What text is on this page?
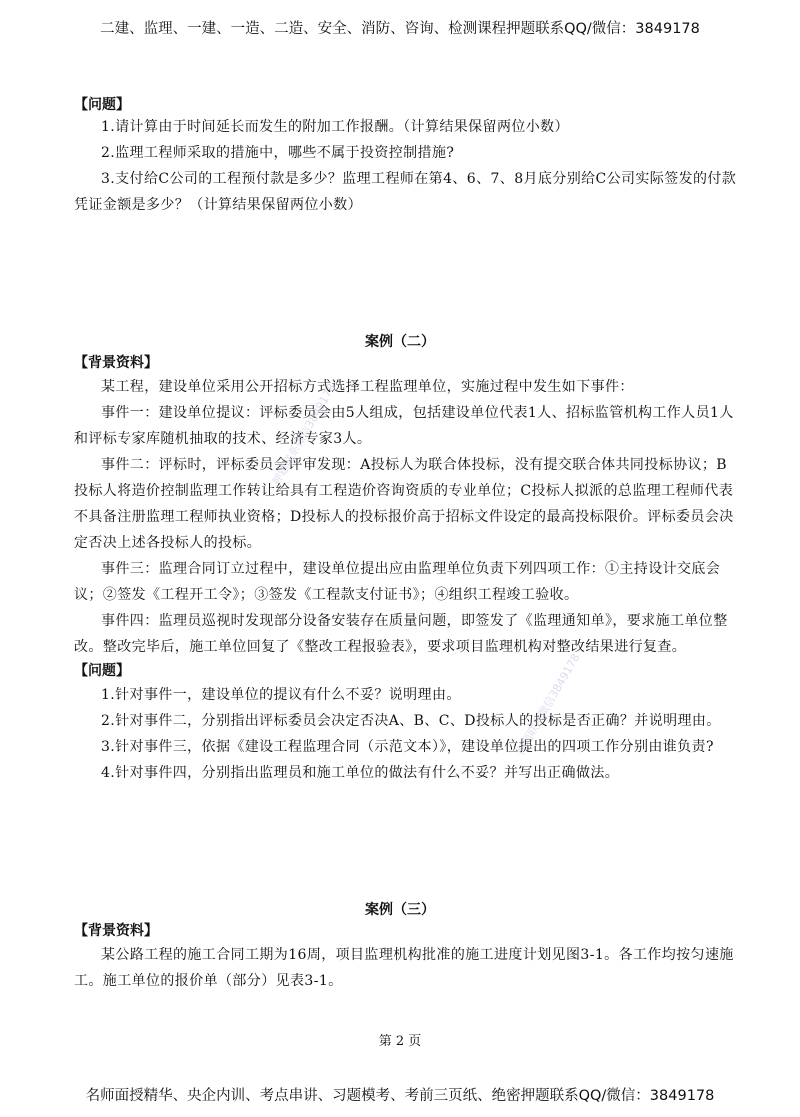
二建、监理、一建、一造、二造、安全、消防、咨询、检测课程押题联系QQ/微信：3849178
【问题】
1.请计算由于时间延长而发生的附加工作报酬。（计算结果保留两位小数）
2.监理工程师采取的措施中，哪些不属于投资控制措施?
3.支付给C公司的工程预付款是多少？监理工程师在第4、6、7、8月底分别给C公司实际签发的付款凭证金额是多少？（计算结果保留两位小数）
案例（二）
【背景资料】
某工程，建设单位采用公开招标方式选择工程监理单位，实施过程中发生如下事件：
事件一：建设单位提议：评标委员会由5人组成，包括建设单位代表1人、招标监管机构工作人员1人和评标专家库随机抽取的技术、经济专家3人。
事件二：评标时，评标委员会评审发现：A投标人为联合体投标，没有提交联合体共同投标协议；B投标人将造价控制监理工作转让给具有工程造价咨询资质的专业单位；C投标人拟派的总监理工程师代表不具备注册监理工程师执业资格；D投标人的投标报价高于招标文件设定的最高投标限价。评标委员会决定否决上述各投标人的投标。
事件三：监理合同订立过程中，建设单位提出应由监理单位负责下列四项工作：①主持设计交底会议；②签发《工程开工令》；③签发《工程款支付证书》；④组织工程竣工验收。
事件四：监理员巡视时发现部分设备安装存在质量问题，即签发了《监理通知单》，要求施工单位整改。整改完毕后，施工单位回复了《整改工程报验表》，要求项目监理机构对整改结果进行复查。
【问题】
1.针对事件一，建设单位的提议有什么不妥？说明理由。
2.针对事件二，分别指出评标委员会决定否决A、B、C、D投标人的投标是否正确？并说明理由。
3.针对事件三，依据《建设工程监理合同（示范文本）》，建设单位提出的四项工作分别由谁负责?
4.针对事件四，分别指出监理员和施工单位的做法有什么不妥？并写出正确做法。
案例（三）
【背景资料】
某公路工程的施工合同工期为16周，项目监理机构批准的施工进度计划见图3-1。各工作均按匀速施工。施工单位的报价单（部分）见表3-1。
第 2 页
名师面授精华、央企内训、考点串讲、习题模考、考前三页纸、绝密押题联系QQ/微信：3849178
押题联系微信3849178
押题联系微信3849178
